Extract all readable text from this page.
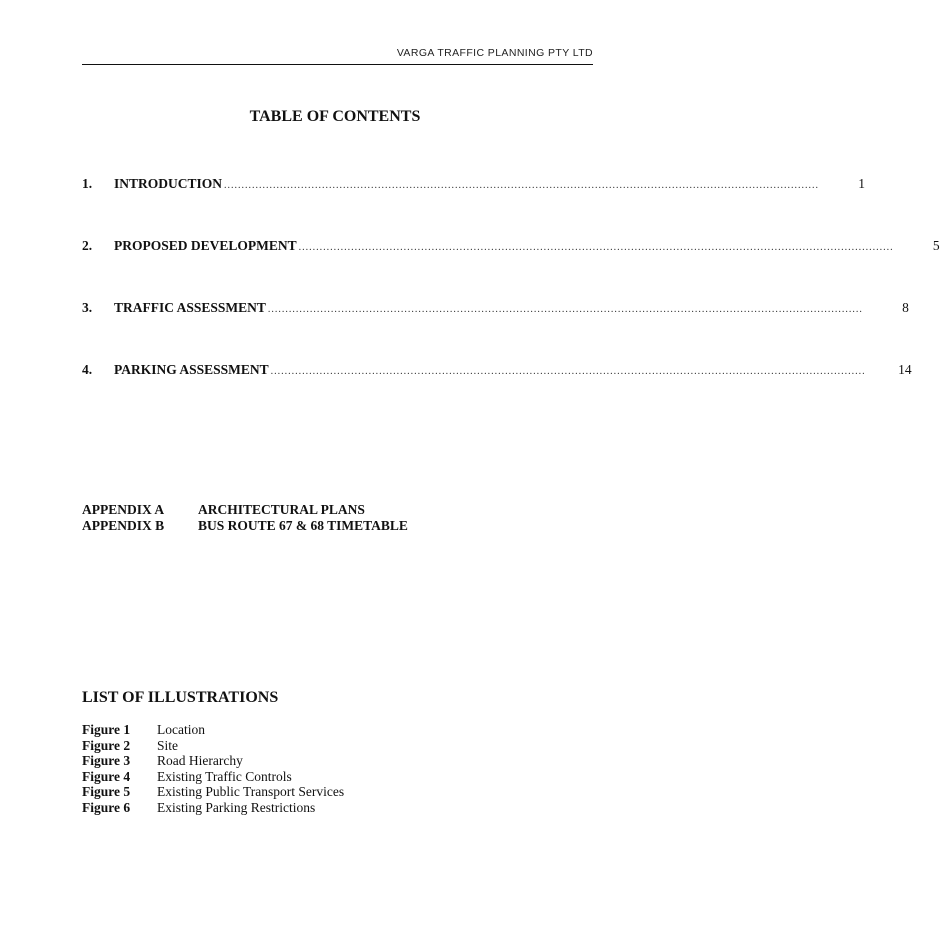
VARGA TRAFFIC PLANNING PTY LTD
TABLE OF CONTENTS
1.	INTRODUCTION ..........................................................................................................................................................................	1
2.	PROPOSED DEVELOPMENT ..........................................................................................................................................................................	5
3.	TRAFFIC ASSESSMENT ..........................................................................................................................................................................	8
4.	PARKING ASSESSMENT ..........................................................................................................................................................................	14
APPENDIX A	ARCHITECTURAL PLANS
APPENDIX B	BUS ROUTE 67 & 68 TIMETABLE
LIST OF ILLUSTRATIONS
Figure 1	Location
Figure 2	Site
Figure 3	Road Hierarchy
Figure 4	Existing Traffic Controls
Figure 5	Existing Public Transport Services
Figure 6	Existing Parking Restrictions
